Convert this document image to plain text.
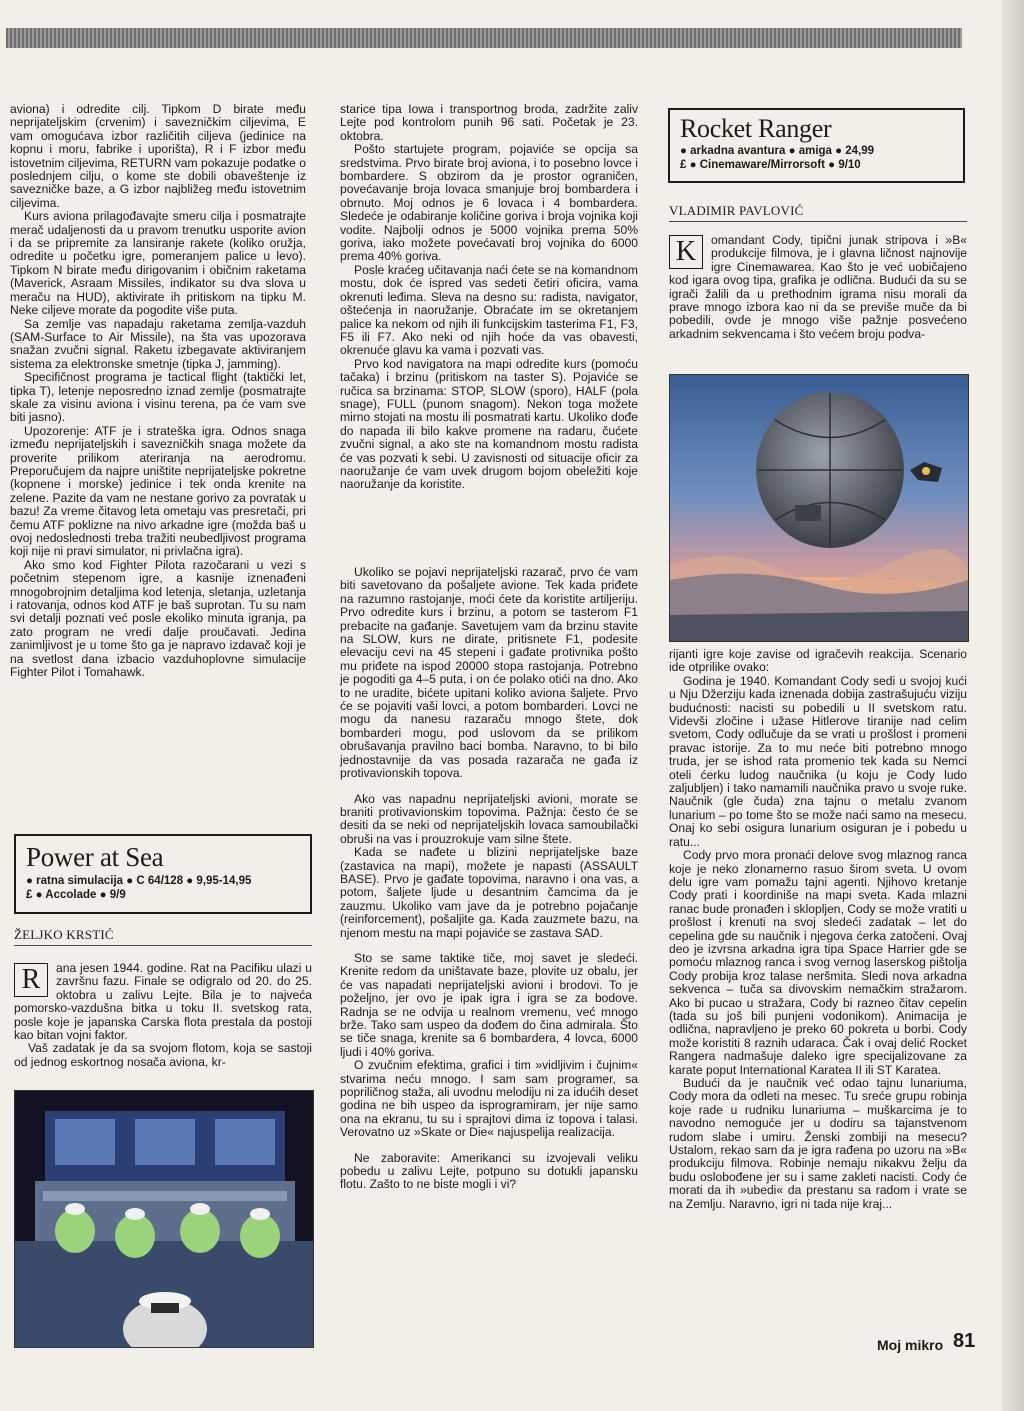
aviona) i odredite cilj. Tipkom D birate među neprijateljskim (crvenim) i savezničkim ciljevima, E vam omogućava izbor različitih ciljeva (jedinice na kopnu i moru, fabrike i uporišta), R i F izbor među istovetnim ciljevima, RETURN vam pokazuje podatke o poslednjem cilju, o kome ste dobili obaveštenje iz savezničke baze, a G izbor najbližeg među istovetnim ciljevima.

Kurs aviona prilagođavajte smeru cilja i posmatrajte merač udaljenosti da u pravom trenutku usporite avion i da se pripremite za lansiranje rakete (koliko oružja, odredite u početku igre, pomeranjem palice u levo). Tipkom N birate među dirigovanim i običnim raketama (Maverick, Asraam Missiles, indikator su dva slova u meraču na HUD), aktivirate ih pritiskom na tipku M. Neke ciljeve morate da pogodite više puta.

Sa zemlje vas napadaju raketama zemlja-vazduh (SAM-Surface to Air Missile), na šta vas upozorava snažan zvučni signal. Raketu izbegavate aktiviranjem sistema za elektronske smetnje (tipka J, jamming).

Specifičnost programa je tactical flight (taktički let, tipka T), letenje neposredno iznad zemlje (posmatrajte skale za visinu aviona i visinu terena, pa će vam sve biti jasno).

Upozorenje: ATF je i strateška igra. Odnos snaga između neprijateljskih i savezničkih snaga možete da proverite prilikom ateriranja na aerodromu. Preporučujem da najpre uništite neprijateljske pokretne (kopnene i morske) jedinice i tek onda krenite na zelene. Pazite da vam ne nestane gorivo za povratak u bazu! Za vreme čitavog leta ometaju vas presretači, pri čemu ATF poklizne na nivo arkadne igre (možda baš u ovoj nedoslednosti treba tražiti neubedljivost programa koji nije ni pravi simulator, ni privlačna igra).

Ako smo kod Fighter Pilota razočarani u vezi s početnim stepenom igre, a kasnije iznenađeni mnogobrojnim detaljima kod letenja, sletanja, uzletanja i ratovanja, odnos kod ATF je baš suprotan. Tu su nam svi detalji poznati već posle ekoliko minuta igranja, pa zato program ne vredi dalje proučavati. Jedina zanimljivost je u tome što ga je napravo izdavač koji je na svetlost dana izbacio vazduhoplovne simulacije Fighter Pilot i Tomahawk.

starice tipa Iowa i transportnog broda, zadržite zaliv Lejte pod kontrolom punih 96 sati. Početak je 23. oktobra.

Pošto startujete program, pojaviće se opcija sa sredstvima. Prvo birate broj aviona, i to posebno lovce i bombardere. S obzirom da je prostor ograničen, povećavanje broja lovaca smanjuje broj bombardera i obrnuto. Moj odnos je 6 lovaca i 4 bombardera. Sledeće je odabiranje količine goriva i broja vojnika koji vodite. Najbolji odnos je 5000 vojnika prema 50% goriva, iako možete povećavati broj vojnika do 6000 prema 40% goriva.

Posle kraćeg učitavanja naći ćete se na komandnom mostu, dok će ispred vas sedeti četiri oficira, vama okrenuti leđima. Sleva na desno su: radista, navigator, oštećenja in naoružanje. Obraćate im se okretanjem palice ka nekom od njih ili funkcijskim tasterima F1, F3, F5 ili F7. Ako neki od njih hoće da vas obavesti, okrenuće glavu ka vama i pozvati vas.

Prvo kod navigatora na mapi odredite kurs (pomoću tačaka) i brzinu (pritiskom na taster S). Pojaviće se ručica sa brzinama: STOP, SLOW (sporo), HALF (pola snage), FULL (punom snagom). Nekon toga možete mirno stojati na mostu ili posmatrati kartu. Ukoliko dođe do napada ili bilo kakve promene na radaru, čućete zvučni signal, a ako ste na komandnom mostu radista će vas pozvati k sebi. U zavisnosti od situacije oficir za naoružanje će vam uvek drugom bojom obeležiti koje naoružanje da koristite.

Ukoliko se pojavi neprijateljski razarač, prvo će vam biti savetovano da pošaljete avione. Tek kada priđete na razumno rastojanje, moći ćete da koristite artiljeriju. Prvo odredite kurs i brzinu, a potom se tasterom F1 prebacite na gađanje. Savetujem vam da brzinu stavite na SLOW, kurs ne dirate, pritisnete F1, podesite elevaciju cevi na 45 stepeni i gađate protivnika pošto mu priđete na ispod 20000 stopa rastojanja. Potrebno je pogoditi ga 4–5 puta, i on će polako otići na dno. Ako to ne uradite, bićete upitani koliko aviona šaljete. Prvo će se pojaviti vaši lovci, a potom bombarderi. Lovci ne mogu da nanesu razaraču mnogo štete, dok bombarderi mogu, pod uslovom da se prilikom obrušavanja pravilno baci bomba. Naravno, to bi bilo jednostavnije da vas posada razarača ne gađa iz protivavionskih topova.

Ako vas napadnu neprijateljski avioni, morate se braniti protivavionskim topovima. Pažnja: često će se desiti da se neki od neprijateljskih lovaca samoubilački obruši na vas i prouzrokuje vam silne štete.

Kada se nađete u blizini neprijateljske baze (zastavica na mapi), možete je napasti (ASSAULT BASE). Prvo je gađate topovima, naravno i ona vas, a potom, šaljete ljude u desantnim čamcima da je zauzmu. Ukoliko vam jave da je potrebno pojačanje (reinforcement), pošaljite ga. Kada zauzmete bazu, na njenom mestu na mapi pojaviće se zastava SAD.

Sto se same taktike tiče, moj savet je sledeći. Krenite redom da uništavate baze, plovite uz obalu, jer će vas napadati neprijateljski avioni i brodovi. To je poželjno, jer ovo je ipak igra i igra se za bodove. Radnja se ne odvija u realnom vremenu, već mnogo brže. Tako sam uspeo da dođem do čina admirala. Što se tiče snaga, krenite sa 6 bombardera, 4 lovca, 6000 ljudi i 40% goriva.

O zvučnim efektima, grafici i tim »vidljivim i čujnim« stvarima neću mnogo. I sam sam programer, sa popriličnog staža, ali uvodnu melodiju ni za idućih deset godina ne bih uspeo da isprogramiram, jer nije samo ona na ekranu, tu su i sprajtovi dima iz topova i talasi. Verovatno uz »Skate or Die« najuspelija realizacija.

Ne zaboravite: Amerikanci su izvojevali veliku pobedu u zalivu Lejte, potpuno su dotukli japansku flotu. Zašto to ne biste mogli i vi?

Rocket Ranger
● arkadna avantura ● amiga ● 24,99
£ ● Cinemaware/Mirrorsoft ● 9/10
VLADIMIR PAVLOVIĆ

K	omandant Cody, tipični junak stripova i »B« produkcije filmova, je i glavna ličnost najnovije igre Cinemawarea. Kao što je već uobičajeno kod igara ovog tipa, grafika je odlična. Budući da su se igrači žalili da u prethodnim igrama nisu morali da prave mnogo izbora kao ni da se previše muče da bi pobedili, ovde je mnogo više pažnje posvećeno arkadnim sekvencama i što većem broju podva-

rijanti igre koje zavise od igračevih reakcija. Scenario ide otprilike ovako:

Godina je 1940. Komandant Cody sedi u svojoj kući u Nju Džerziju kada iznenada dobija zastrašujuću viziju budućnosti: nacisti su pobedili u II svetskom ratu. Videvši zločine i užase Hitlerove tiranije nad celim svetom, Cody odlučuje da se vrati u prošlost i promeni pravac istorije. Za to mu neće biti potrebno mnogo truda, jer se ishod rata promenio tek kada su Nemci oteli ćerku ludog naučnika (u koju je Cody ludo zaljubljen) i tako namamili naučnika pravo u svoje ruke. Naučnik (gle čuda) zna tajnu o metalu zvanom lunarium – po tome što se može naći samo na mesecu. Onaj ko sebi osigura lunarium osiguran je i pobedu u ratu...

Cody prvo mora pronaći delove svog mlaznog ranca koje je neko zlonamerno rasuo širom sveta. U ovom delu igre vam pomažu tajni agenti. Njihovo kretanje Cody prati i koordiniše na mapi sveta. Kada mlazni ranac bude pronađen i sklopljen, Cody se može vratiti u prošlost i krenuti na svoj sledeći zadatak – let do cepelina gde su naučnik i njegova ćerka zatočeni. Ovaj deo je izvrsna arkadna igra tipa Space Harrier gde se pomoću mlaznog ranca i svog vernog laserskog pištolja Cody probija kroz talase neršmita. Sledi nova arkadna sekvenca – tuča sa divovskim nemačkim stražarom. Ako bi pucao u stražara, Cody bi razneo čitav cepelin (tada su još bili punjeni vodonikom). Animacija je odlična, napravljeno je preko 60 pokreta u borbi. Cody može koristiti 8 raznih udaraca. Čak i ovaj delić Rocket Rangera nadmašuje daleko igre specijalizovane za karate poput International Karatea II ili ST Karatea.

Budući da je naučnik već odao tajnu lunariuma, Cody mora da odleti na mesec. Tu sreće grupu robinja koje rade u rudniku lunariuma – muškarcima je to navodno nemoguće jer u dodiru sa tajanstvenom rudom slabe i umiru. Ženski zombiji na mesecu? Ustalom, rekao sam da je igra rađena po uzoru na »B« produkciju filmova. Robinje nemaju nikakvu želju da budu oslobođene jer su i same zakleti nacisti. Cody će morati da ih »ubedi« da prestanu sa radom i vrate se na Zemlju. Naravno, igri ni tada nije kraj...

Power at Sea
● ratna simulacija ● C 64/128 ● 9,95-14,95
£ ● Accolade ● 9/9
ŽELJKO KRSTIĆ

R	ana jesen 1944. godine. Rat na Pacifiku ulazi u završnu fazu. Finale se odigralo od 20. do 25. oktobra u zalivu Lejte. Bila je to najveća pomorsko-vazdušna bitka u toku II. svetskog rata, posle koje je japanska Carska flota prestala da postoji kao bitan vojni faktor.

Vaš zadatak je da sa svojom flotom, koja se sastoji od jednog eskortnog nosača aviona, kr-

Moj mikro 81
